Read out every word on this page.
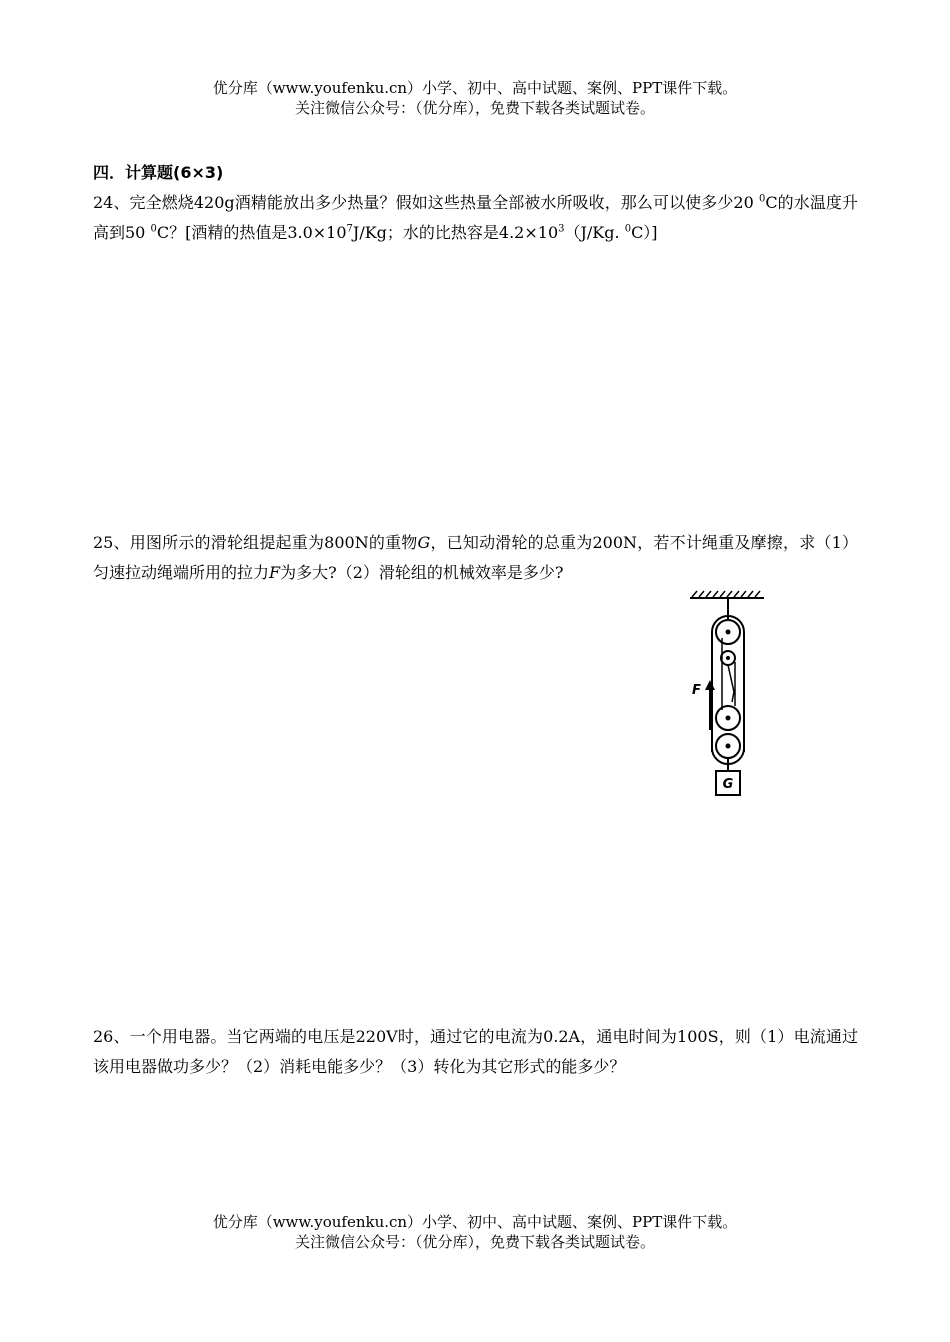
优分库（www.youfenku.cn）小学、初中、高中试题、案例、PPT课件下载。
关注微信公众号：（优分库），免费下载各类试题试卷。
四．计算题(6×3)
24、完全燃烧420g酒精能放出多少热量？假如这些热量全部被水所吸收，那么可以使多少20 $^0$C的水温度升高到50 $^0$C？[酒精的热值是$3.0\times 10^7J/Kg$；水的比热容是$4.2\times 10^3(J/Kg$. $^0$C）]
25、用图所示的滑轮组提起重为800N的重物G，已知动滑轮的总重为200N，若不计绳重及摩擦，求（1）匀速拉动绳端所用的拉力F为多大?（2）滑轮组的机械效率是多少?
F
G
26、一个用电器。当它两端的电压是220V时，通过它的电流为0.2A，通电时间为100S，则（1）电流通过该用电器做功多少？（2）消耗电能多少？（3）转化为其它形式的能多少？
优分库（www.youfenku.cn）小学、初中、高中试题、案例、PPT课件下载。
关注微信公众号：（优分库），免费下载各类试题试卷。
